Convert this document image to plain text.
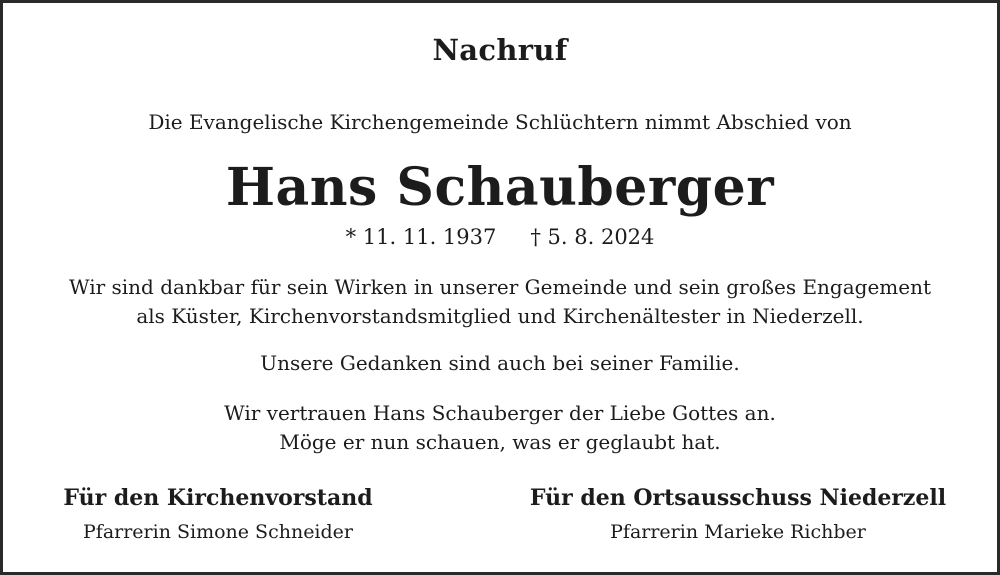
Nachruf
Die Evangelische Kirchengemeinde Schlüchtern nimmt Abschied von
Hans Schauberger
* 11. 11. 1937 † 5. 8. 2024
Wir sind dankbar für sein Wirken in unserer Gemeinde und sein großes Engagement
als Küster, Kirchenvorstandsmitglied und Kirchenältester in Niederzell.
Unsere Gedanken sind auch bei seiner Familie.
Wir vertrauen Hans Schauberger der Liebe Gottes an.
Möge er nun schauen, was er geglaubt hat.
Für den Kirchenvorstand
Pfarrerin Simone Schneider
Für den Ortsausschuss Niederzell
Pfarrerin Marieke Richber
